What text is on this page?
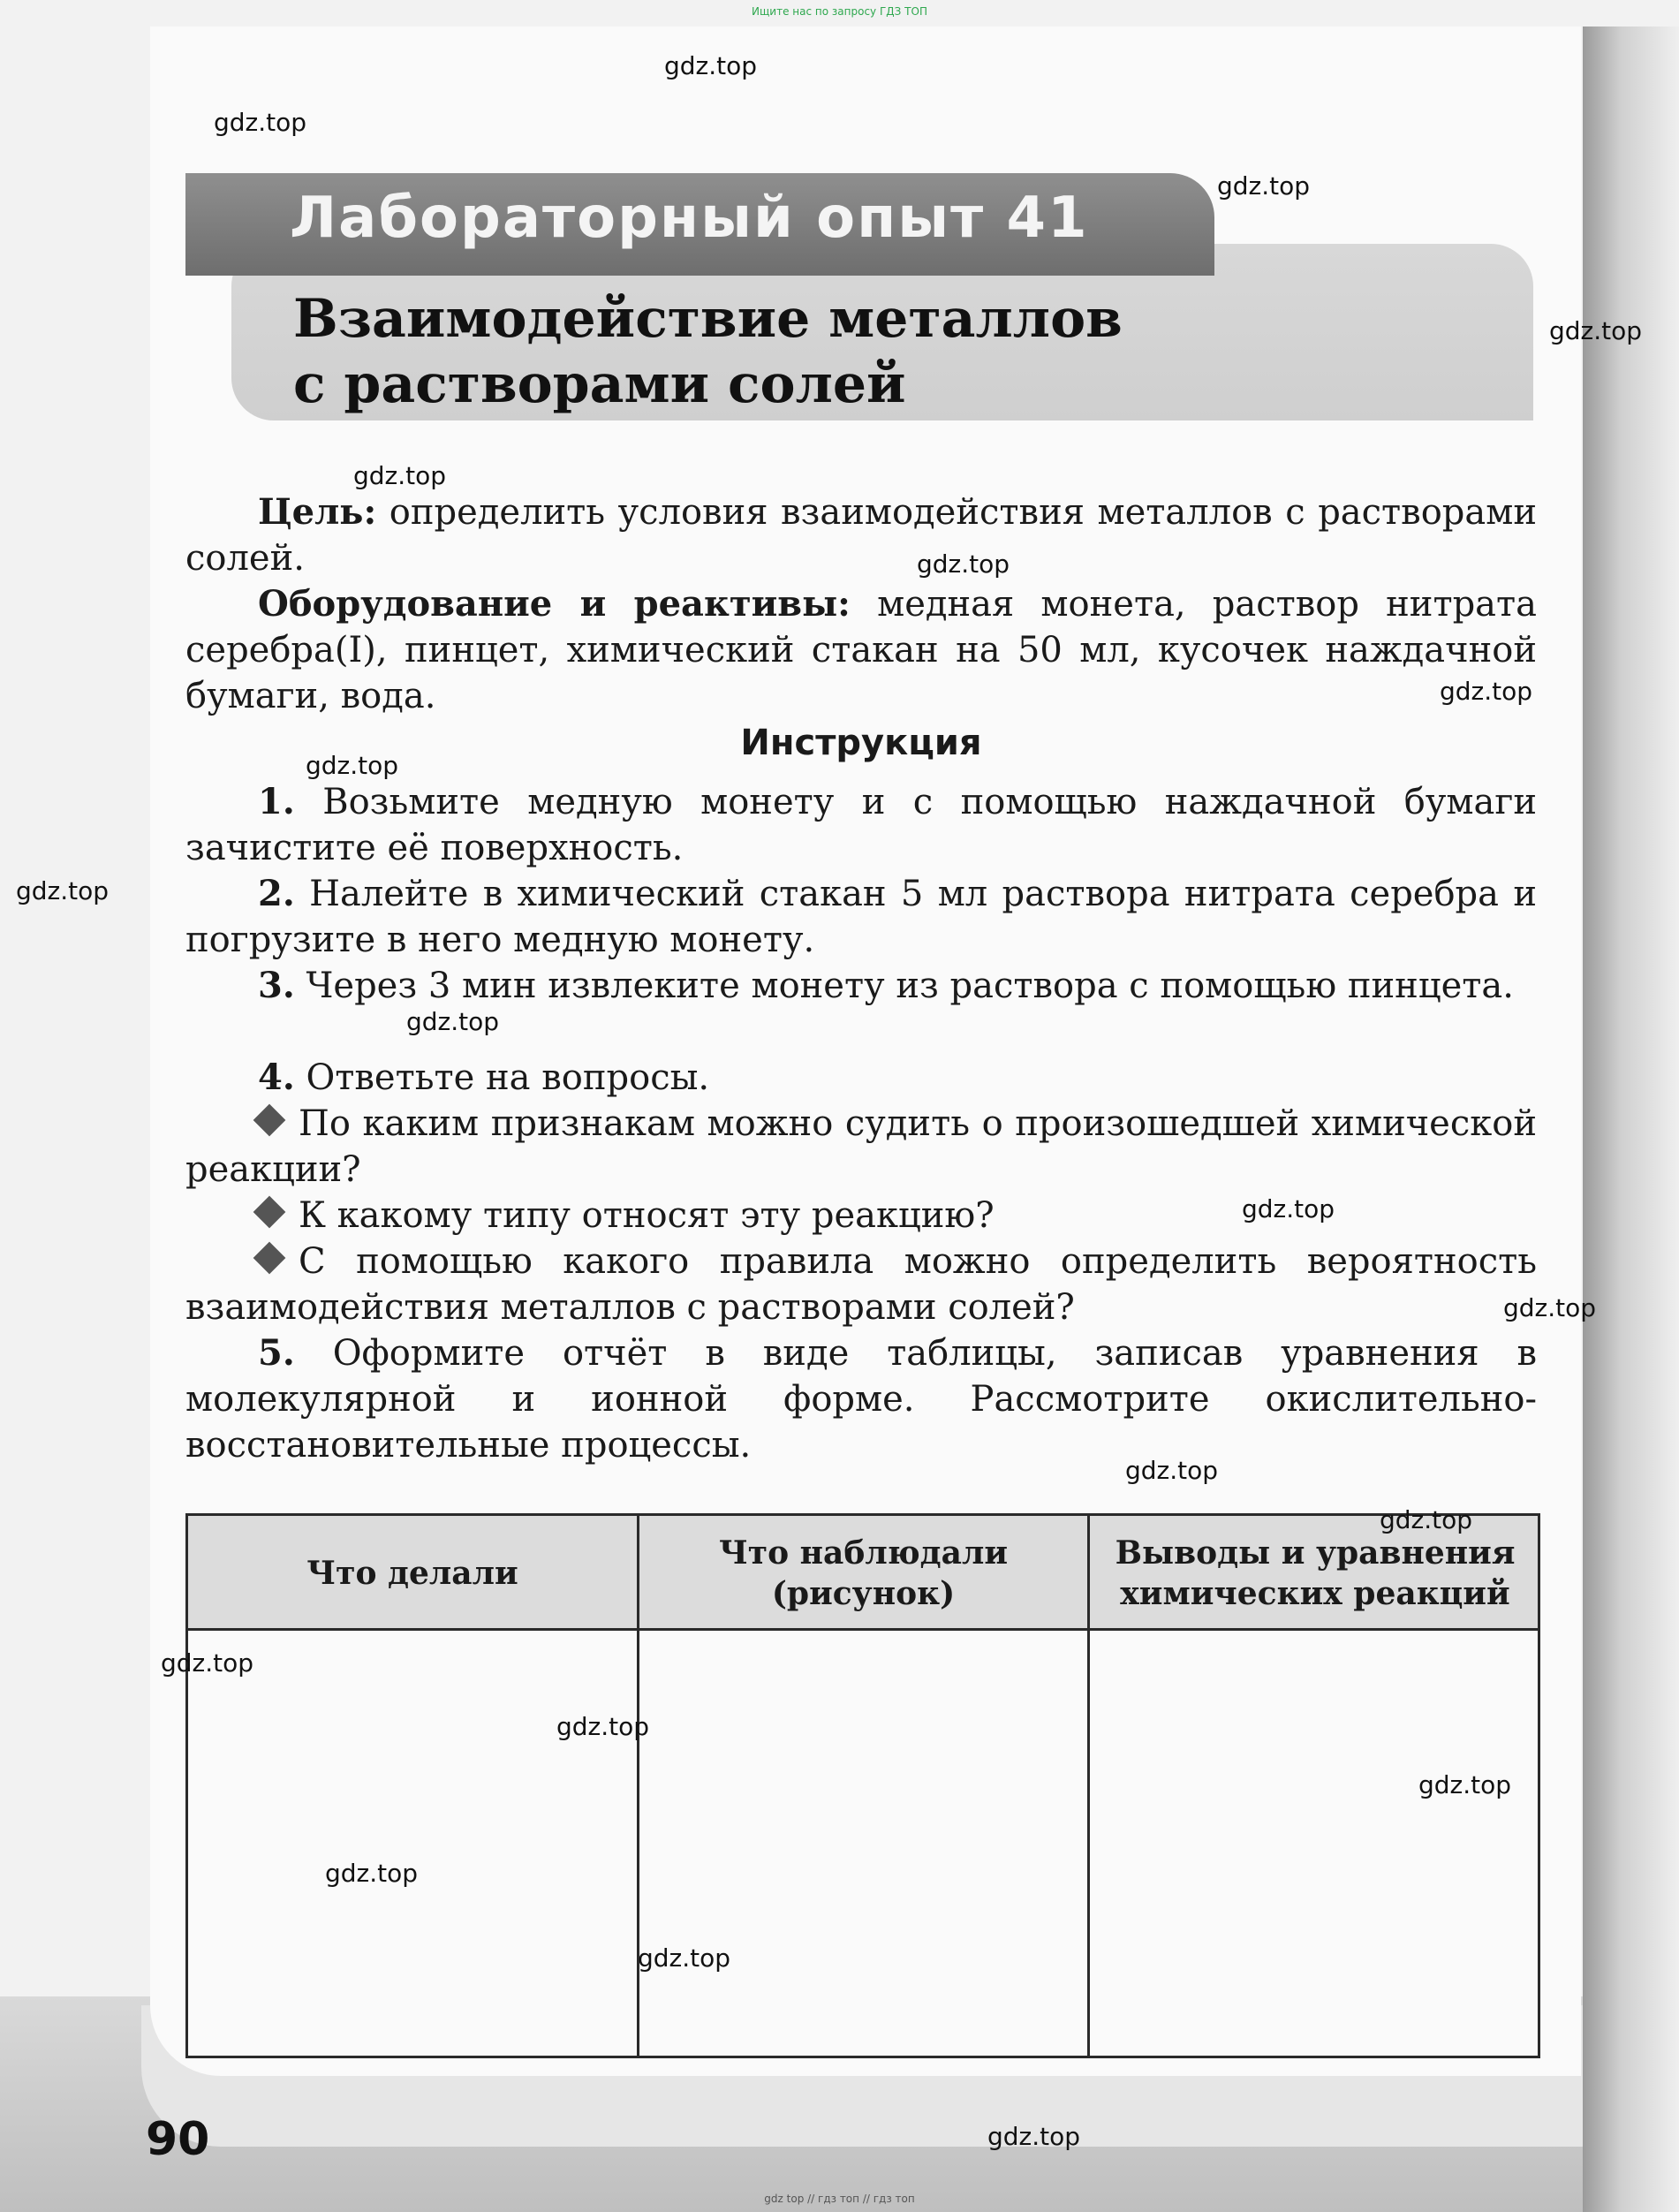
Ищите нас по запросу ГДЗ ТОП
Взаимодействие металлов
с растворами солей
Лабораторный опыт 41
Цель: определить условия взаимодействия металлов с растворами солей.
Оборудование и реактивы: медная монета, раствор нитрата серебра(I), пинцет, химический стакан на 50 мл, кусочек наждачной бумаги, вода.
Инструкция
1. Возьмите медную монету и с помощью наждачной бумаги зачистите её поверхность.
2. Налейте в химический стакан 5 мл раствора нитрата серебра и погрузите в него медную монету.
3. Через 3 мин извлеките монету из раствора с помощью пинцета.
4. Ответьте на вопросы.
По каким признакам можно судить о произошедшей химической реакции?
К какому типу относят эту реакцию?
С помощью какого правила можно определить вероятность взаимодействия металлов с растворами солей?
5. Оформите отчёт в виде таблицы, записав уравнения в молекулярной и ионной форме. Рассмотрите окислительно-восстановительные процессы.
Что делали
Что наблюдали
(рисунок)
Выводы и уравнения
химических реакций
90
gdz.top
gdz.top
gdz.top
gdz.top
gdz.top
gdz.top
gdz.top
gdz.top
gdz.top
gdz.top
gdz.top
gdz.top
gdz.top
gdz.top
gdz.top
gdz.top
gdz.top
gdz.top
gdz.top
gdz.top
gdz top // гдз топ // гдз топ
